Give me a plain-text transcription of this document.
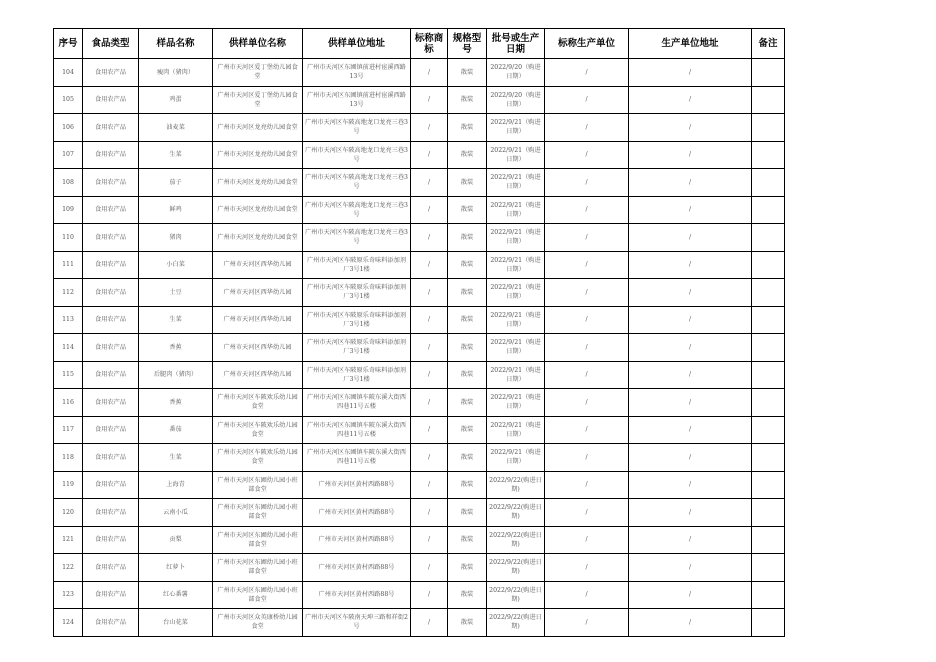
序号	食品类型	样品名称	供样单位名称	供样单位地址	标称商标	规格型号	批号或生产日期	标称生产单位	生产单位地址	备注
104	食用农产品	瘦肉（猪肉）	广州市天河区爱丁堡幼儿园食堂	广州市天河区东圃镇前进村宦溪西路13号	/	散装	2022/9/20（购进日期）	/	/	
105	食用农产品	鸡蛋	广州市天河区爱丁堡幼儿园食堂	广州市天河区东圃镇前进村宦溪西路13号	/	散装	2022/9/20（购进日期）	/	/	
106	食用农产品	油麦菜	广州市天河区龙亮幼儿园食堂	广州市天河区车陂高地龙口龙亮三巷3号	/	散装	2022/9/21（购进日期）	/	/	
107	食用农产品	生菜	广州市天河区龙亮幼儿园食堂	广州市天河区车陂高地龙口龙亮三巷3号	/	散装	2022/9/21（购进日期）	/	/	
108	食用农产品	茄子	广州市天河区龙亮幼儿园食堂	广州市天河区车陂高地龙口龙亮三巷3号	/	散装	2022/9/21（购进日期）	/	/	
109	食用农产品	鲜鸡	广州市天河区龙亮幼儿园食堂	广州市天河区车陂高地龙口龙亮三巷3号	/	散装	2022/9/21（购进日期）	/	/	
110	食用农产品	猪肉	广州市天河区龙亮幼儿园食堂	广州市天河区车陂高地龙口龙亮三巷3号	/	散装	2022/9/21（购进日期）	/	/	
111	食用农产品	小白菜	广州市天河区西华幼儿园	广州市天河区车陂原乐奇味料添加剂厂3号1楼	/	散装	2022/9/21（购进日期）	/	/	
112	食用农产品	土豆	广州市天河区西华幼儿园	广州市天河区车陂原乐奇味料添加剂厂3号1楼	/	散装	2022/9/21（购进日期）	/	/	
113	食用农产品	生菜	广州市天河区西华幼儿园	广州市天河区车陂原乐奇味料添加剂厂3号1楼	/	散装	2022/9/21（购进日期）	/	/	
114	食用农产品	香蕉	广州市天河区西华幼儿园	广州市天河区车陂原乐奇味料添加剂厂3号1楼	/	散装	2022/9/21（购进日期）	/	/	
115	食用农产品	后腿肉（猪肉）	广州市天河区西华幼儿园	广州市天河区车陂原乐奇味料添加剂厂3号1楼	/	散装	2022/9/21（购进日期）	/	/	
116	食用农产品	香蕉	广州市天河区车陂欢乐幼儿园食堂	广州市天河区东圃镇车陂东溪大街西四巷11号五楼	/	散装	2022/9/21（购进日期）	/	/	
117	食用农产品	番茄	广州市天河区车陂欢乐幼儿园食堂	广州市天河区东圃镇车陂东溪大街西四巷11号五楼	/	散装	2022/9/21（购进日期）	/	/	
118	食用农产品	生菜	广州市天河区车陂欢乐幼儿园食堂	广州市天河区东圃镇车陂东溪大街西四巷11号五楼	/	散装	2022/9/21（购进日期）	/	/	
119	食用农产品	上海青	广州市天河区东圃幼儿园小班部食堂	广州市天河区黄村西路88号	/	散装	2022/9/22(购进日期)	/	/	
120	食用农产品	云南小瓜	广州市天河区东圃幼儿园小班部食堂	广州市天河区黄村西路88号	/	散装	2022/9/22(购进日期)	/	/	
121	食用农产品	贡梨	广州市天河区东圃幼儿园小班部食堂	广州市天河区黄村西路88号	/	散装	2022/9/22(购进日期)	/	/	
122	食用农产品	红萝卜	广州市天河区东圃幼儿园小班部食堂	广州市天河区黄村西路88号	/	散装	2022/9/22(购进日期)	/	/	
123	食用农产品	红心番薯	广州市天河区东圃幼儿园小班部食堂	广州市天河区黄村西路88号	/	散装	2022/9/22(购进日期)	/	/	
124	食用农产品	台山花菜	广州市天河区众英康桥幼儿园食堂	广州市天河区车陂南天坤三路和祥街2号	/	散装	2022/9/22(购进日期)	/	/	
